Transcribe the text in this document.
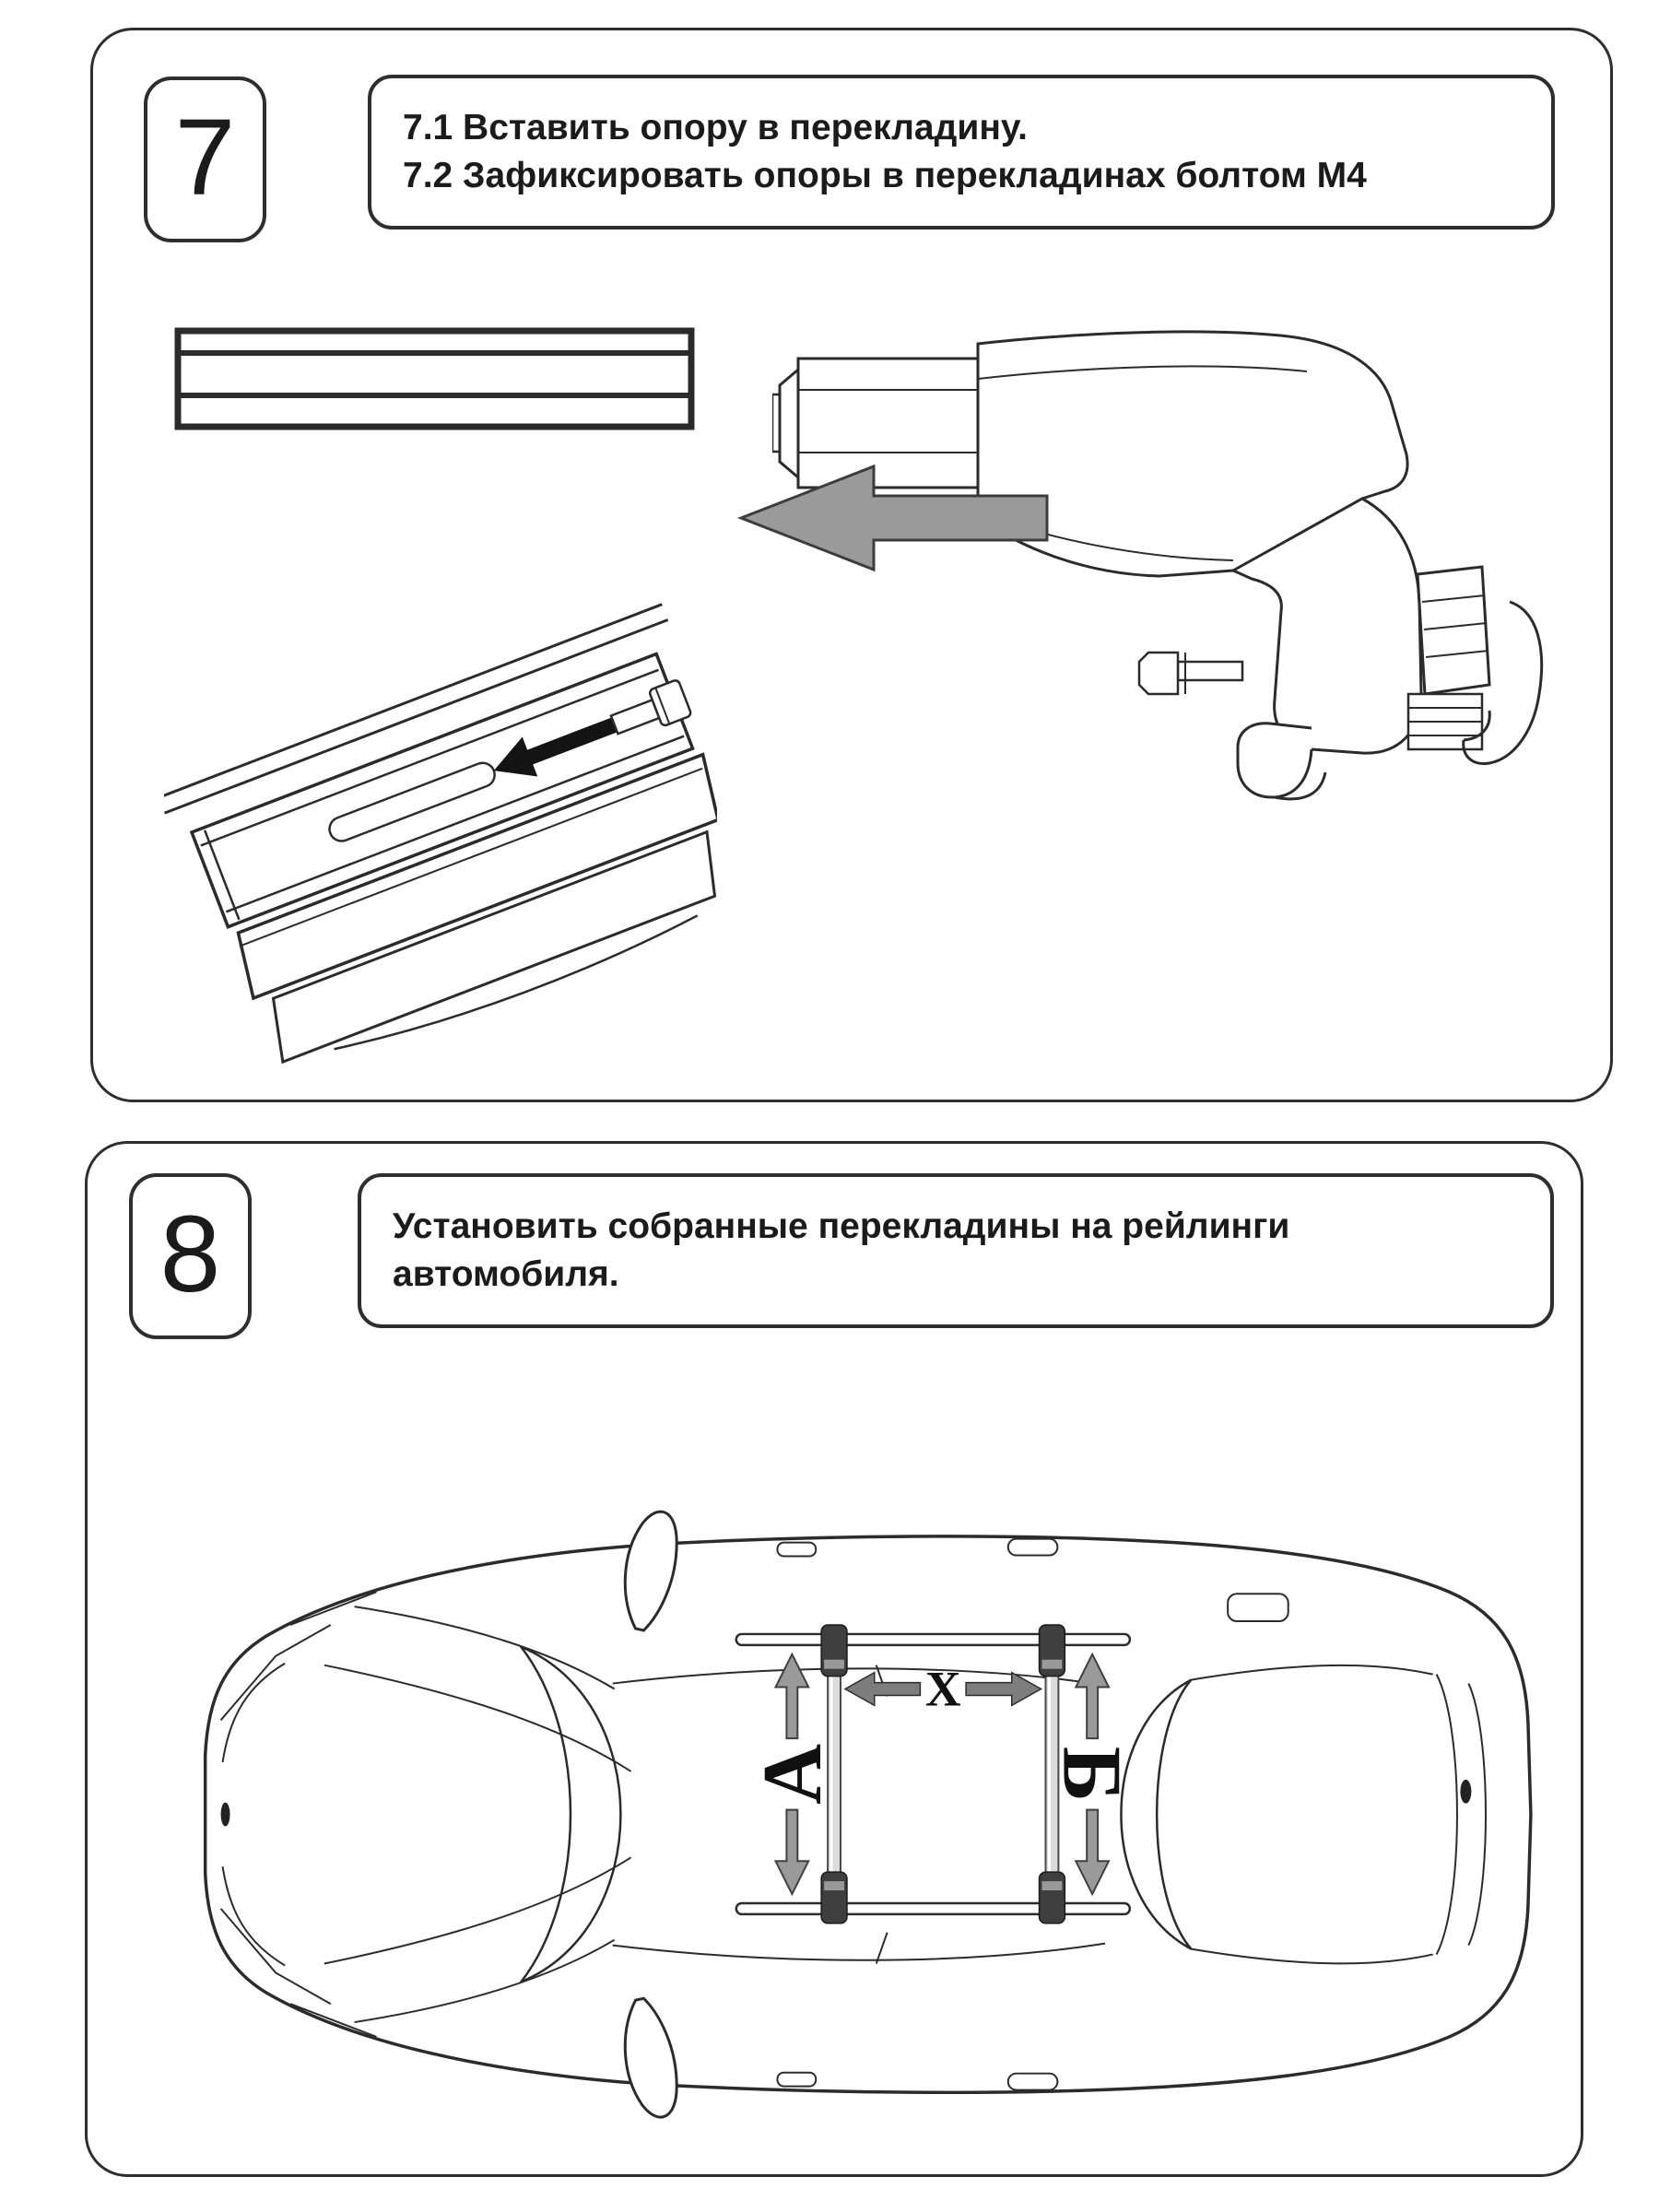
7	7.1 Вставить опору в перекладину.
7.2 Зафиксировать опоры в перекладинах болтом М4
8	Установить собранные перекладины на рейлинги
автомобиля.
А Б
X
